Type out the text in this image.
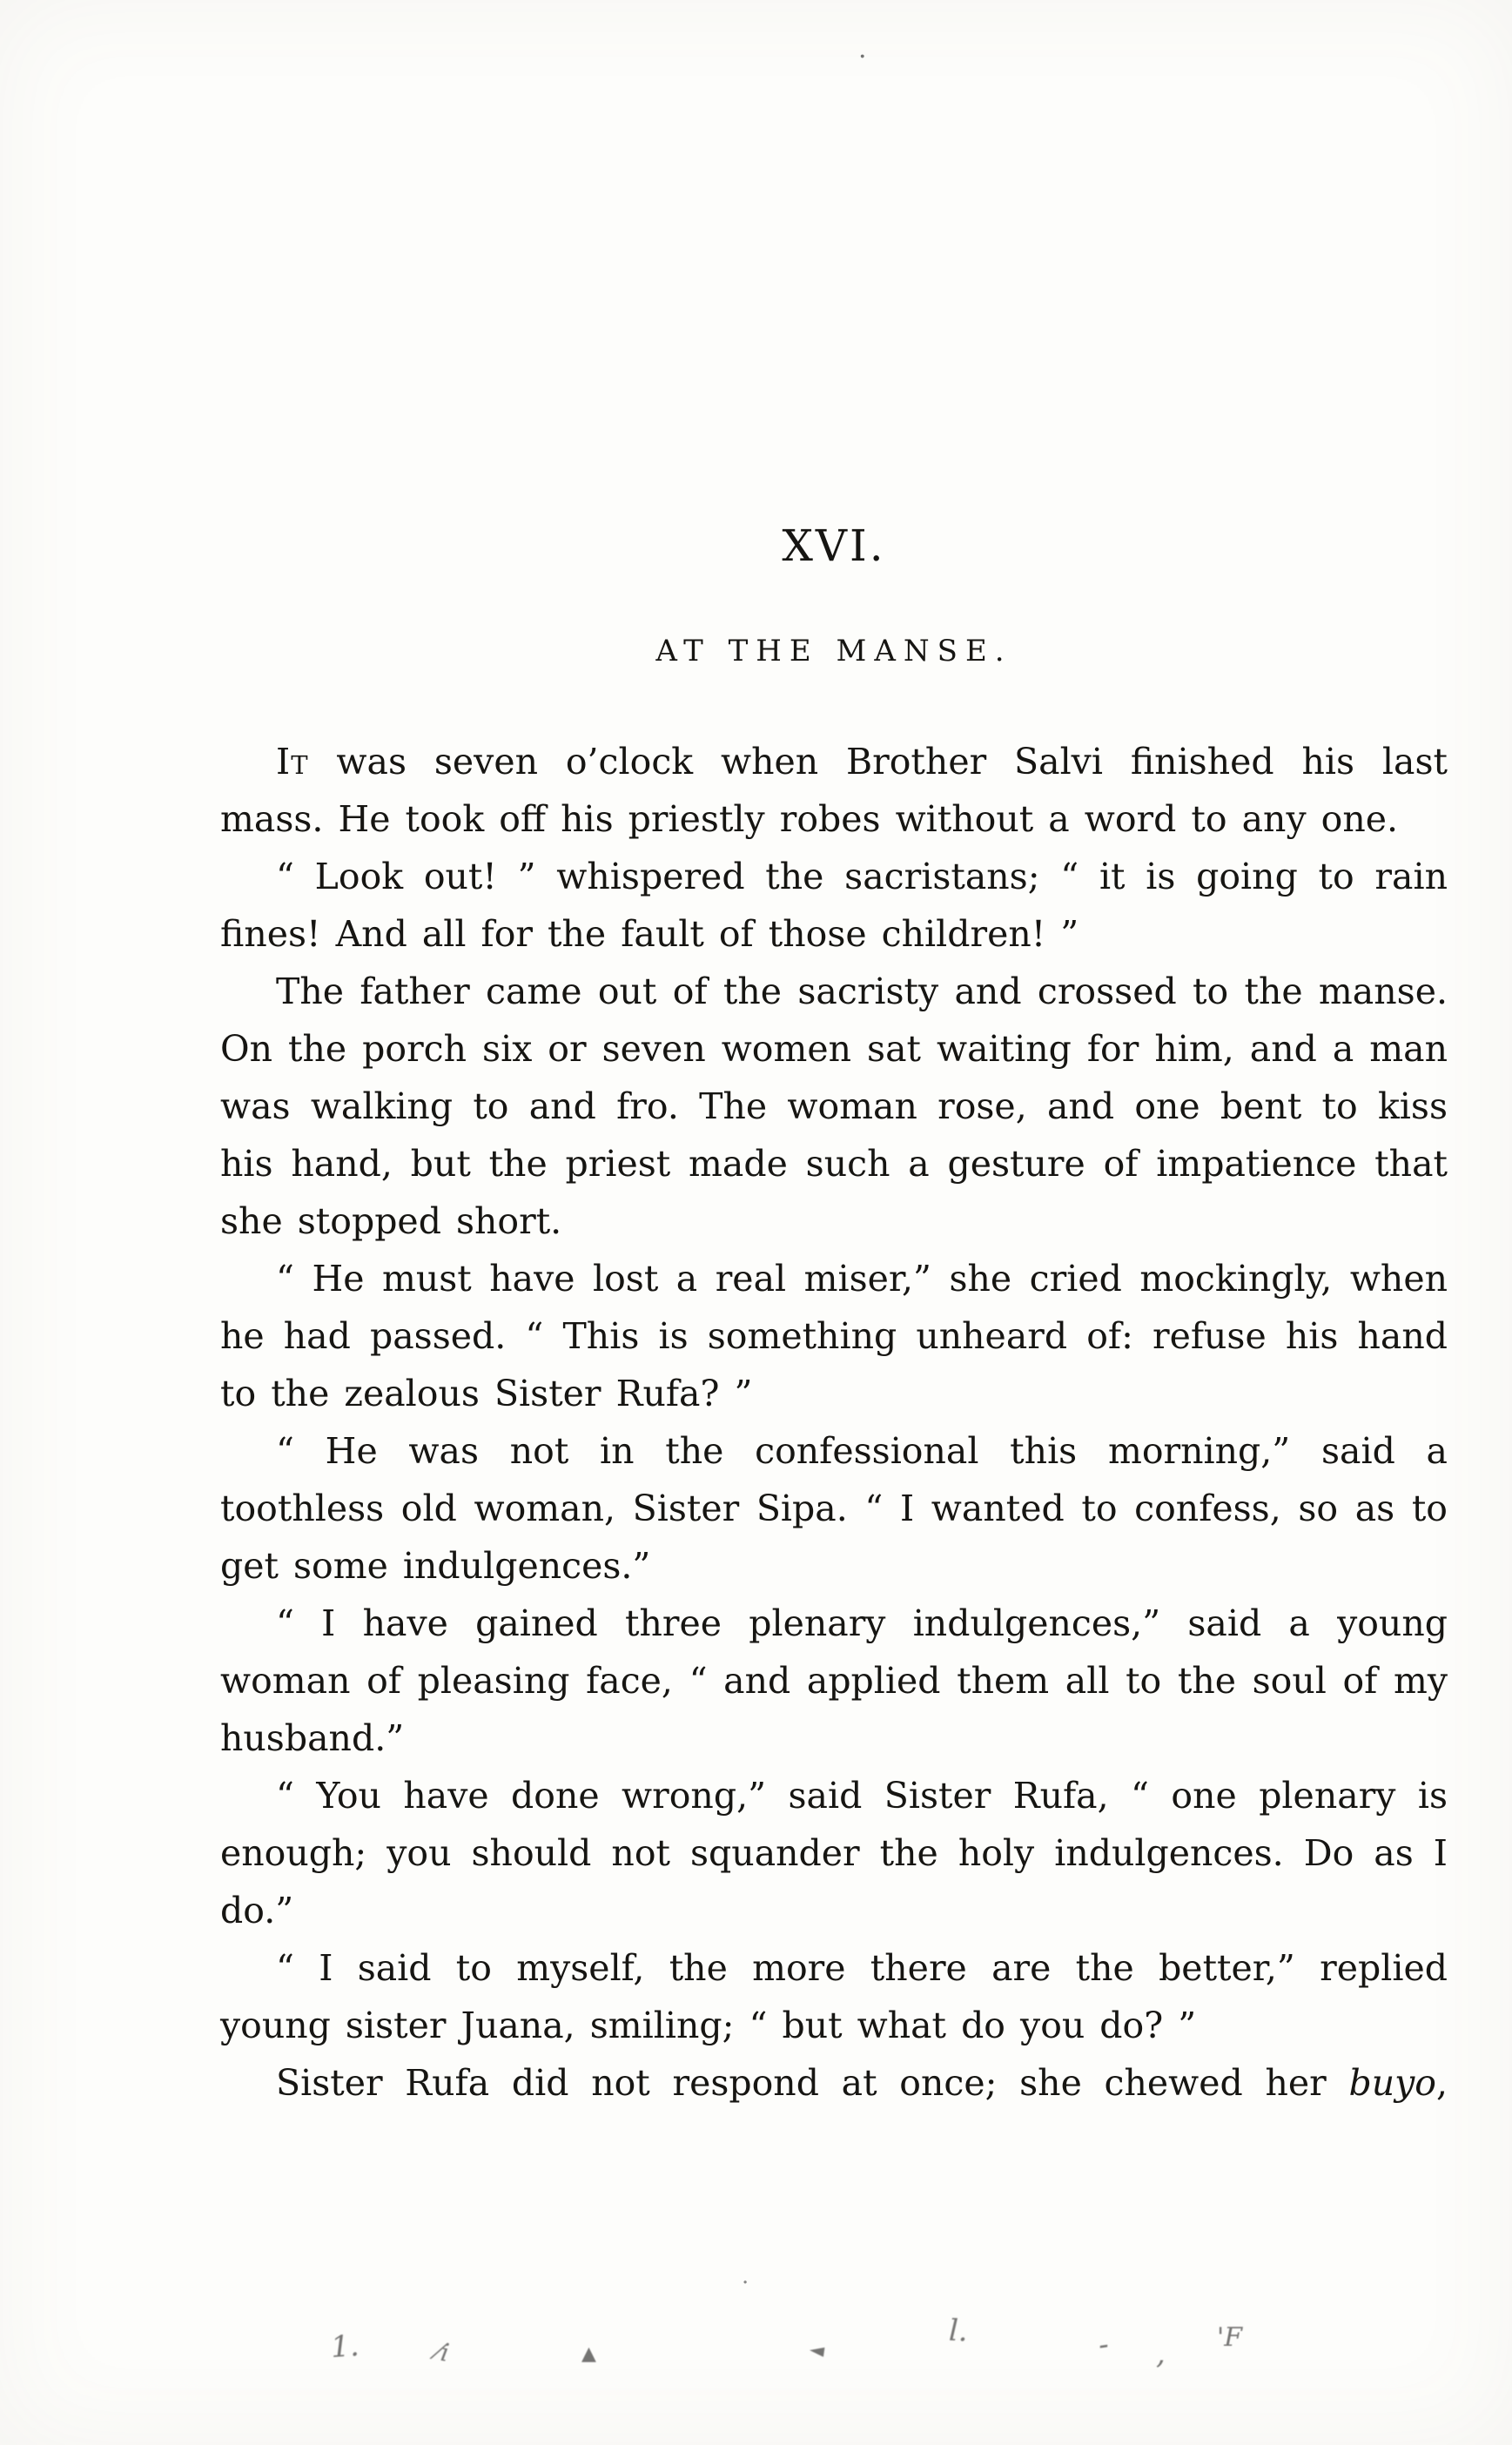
·
XVI.
AT THE MANSE.

It was seven o’clock when Brother Salvi finished his last mass. He took off his priestly robes without a word to any one.

“ Look out! ” whispered the sacristans; “ it is going to rain fines! And all for the fault of those children! ”

The father came out of the sacristy and crossed to the manse. On the porch six or seven women sat waiting for him, and a man was walking to and fro. The woman rose, and one bent to kiss his hand, but the priest made such a gesture of impatience that she stopped short.

“ He must have lost a real miser,” she cried mockingly, when he had passed. “ This is something unheard of: refuse his hand to the zealous Sister Rufa? ”

“ He was not in the confessional this morning,” said a toothless old woman, Sister Sipa. “ I wanted to confess, so as to get some indulgences.”

“ I have gained three plenary indulgences,” said a young woman of pleasing face, “ and applied them all to the soul of my husband.”

“ You have done wrong,” said Sister Rufa, “ one plenary is enough; you should not squander the holy indulgences. Do as I do.”

“ I said to myself, the more there are the better,” replied young sister Juana, smiling; “ but what do you do? ”

Sister Rufa did not respond at once; she chewed her buyo,

·
1.	⁄i	▲	◄
l.	- , 'F
